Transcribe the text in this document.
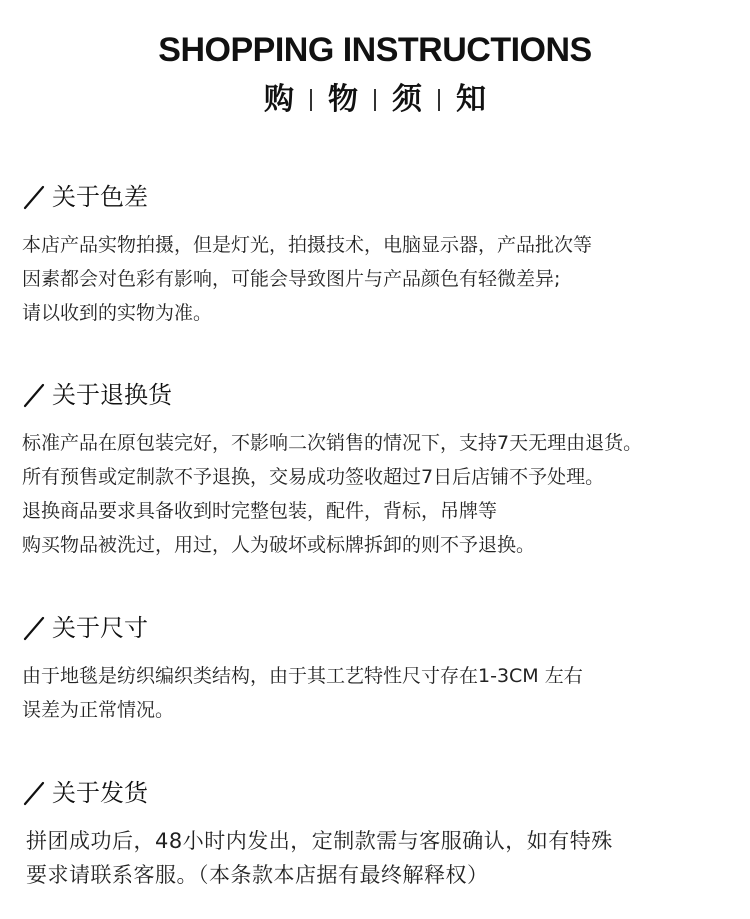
SHOPPING INSTRUCTIONS
购 物 须 知
关于色差
本店产品实物拍摄，但是灯光，拍摄技术，电脑显示器，产品批次等
因素都会对色彩有影响，可能会导致图片与产品颜色有轻微差异;
请以收到的实物为准。
关于退换货
标准产品在原包装完好，不影响二次销售的情况下，支持7天无理由退货。
所有预售或定制款不予退换，交易成功签收超过7日后店铺不予处理。
退换商品要求具备收到时完整包装，配件，背标，吊牌等
购买物品被洗过，用过，人为破坏或标牌拆卸的则不予退换。
关于尺寸
由于地毯是纺织编织类结构，由于其工艺特性尺寸存在1-3CM 左右
误差为正常情况。
关于发货
拼团成功后，48小时内发出，定制款需与客服确认，如有特殊
要求请联系客服。（本条款本店据有最终解释权）
